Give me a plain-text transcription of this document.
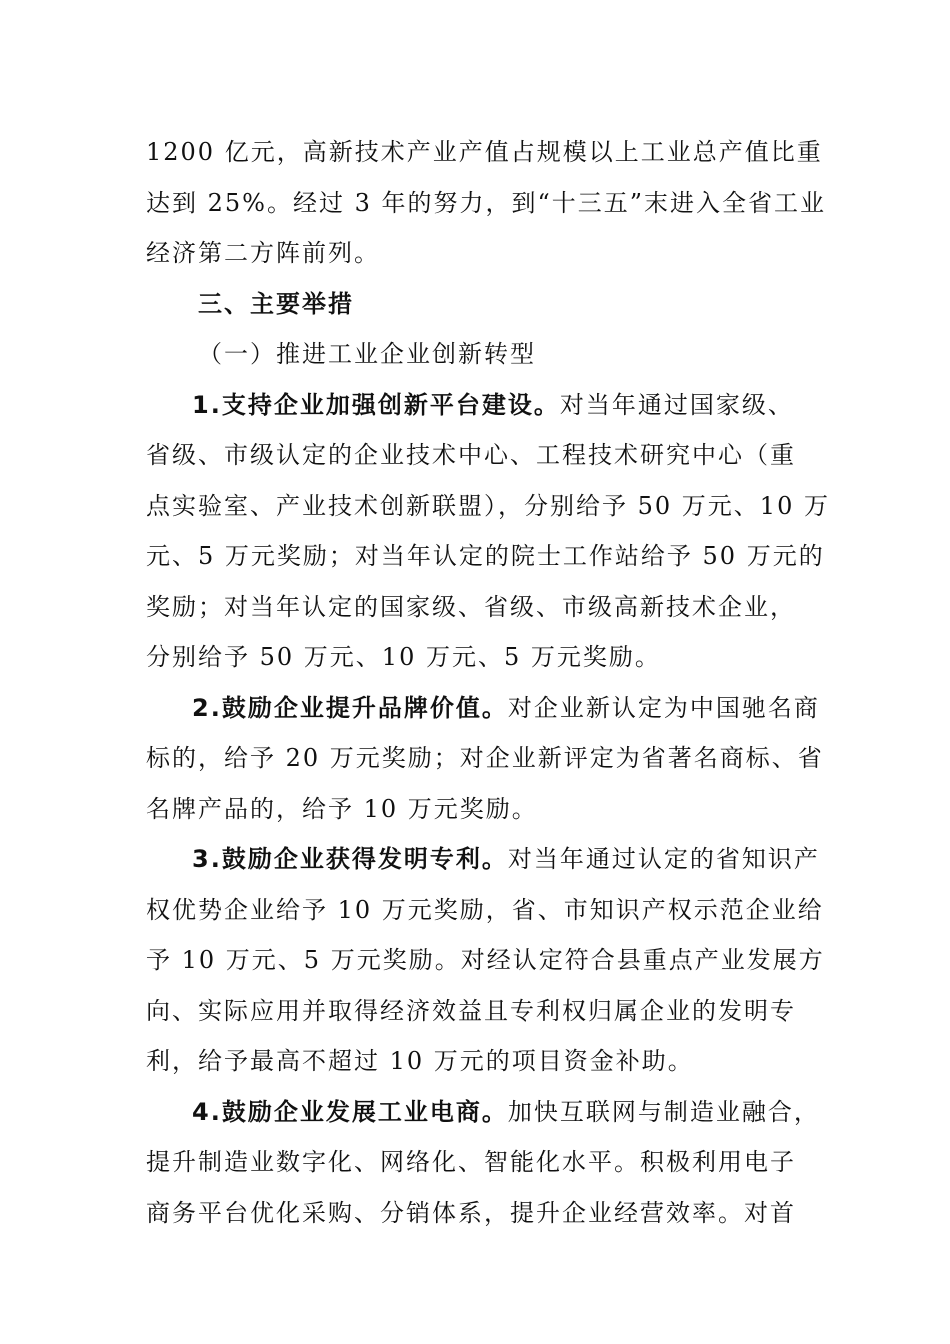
1200 亿元，高新技术产业产值占规模以上工业总产值比重
达到 25%。经过 3 年的努力，到“十三五”末进入全省工业
经济第二方阵前列。
三、主要举措
（一）推进工业企业创新转型
1.支持企业加强创新平台建设。对当年通过国家级、
省级、市级认定的企业技术中心、工程技术研究中心（重
点实验室、产业技术创新联盟），分别给予 50 万元、10 万
元、5 万元奖励；对当年认定的院士工作站给予 50 万元的
奖励；对当年认定的国家级、省级、市级高新技术企业，
分别给予 50 万元、10 万元、5 万元奖励。
2.鼓励企业提升品牌价值。对企业新认定为中国驰名商
标的，给予 20 万元奖励；对企业新评定为省著名商标、省
名牌产品的，给予 10 万元奖励。
3.鼓励企业获得发明专利。对当年通过认定的省知识产
权优势企业给予 10 万元奖励，省、市知识产权示范企业给
予 10 万元、5 万元奖励。对经认定符合县重点产业发展方
向、实际应用并取得经济效益且专利权归属企业的发明专
利，给予最高不超过 10 万元的项目资金补助。
4.鼓励企业发展工业电商。加快互联网与制造业融合，
提升制造业数字化、网络化、智能化水平。积极利用电子
商务平台优化采购、分销体系，提升企业经营效率。对首
